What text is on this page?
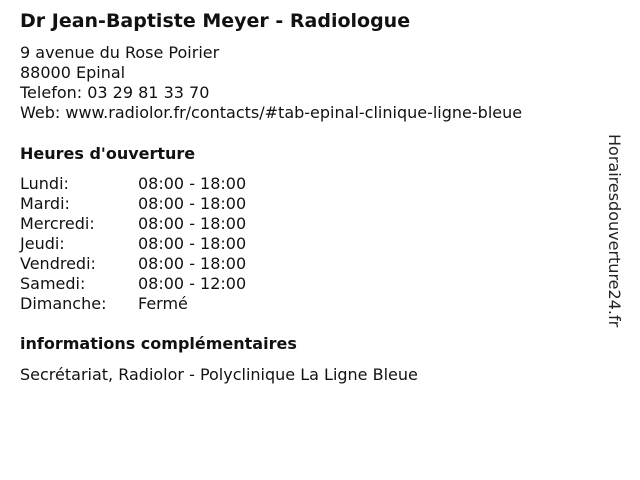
Dr Jean-Baptiste Meyer - Radiologue
9 avenue du Rose Poirier
88000 Epinal
Telefon: 03 29 81 33 70
Web: www.radiolor.fr/contacts/#tab-epinal-clinique-ligne-bleue
Heures d'ouverture
Lundi:	08:00 - 18:00
Mardi:	08:00 - 18:00
Mercredi:	08:00 - 18:00
Jeudi:	08:00 - 18:00
Vendredi:	08:00 - 18:00
Samedi:	08:00 - 12:00
Dimanche:	Fermé
informations complémentaires
Secrétariat, Radiolor - Polyclinique La Ligne Bleue
Horairesdouverture24.fr
